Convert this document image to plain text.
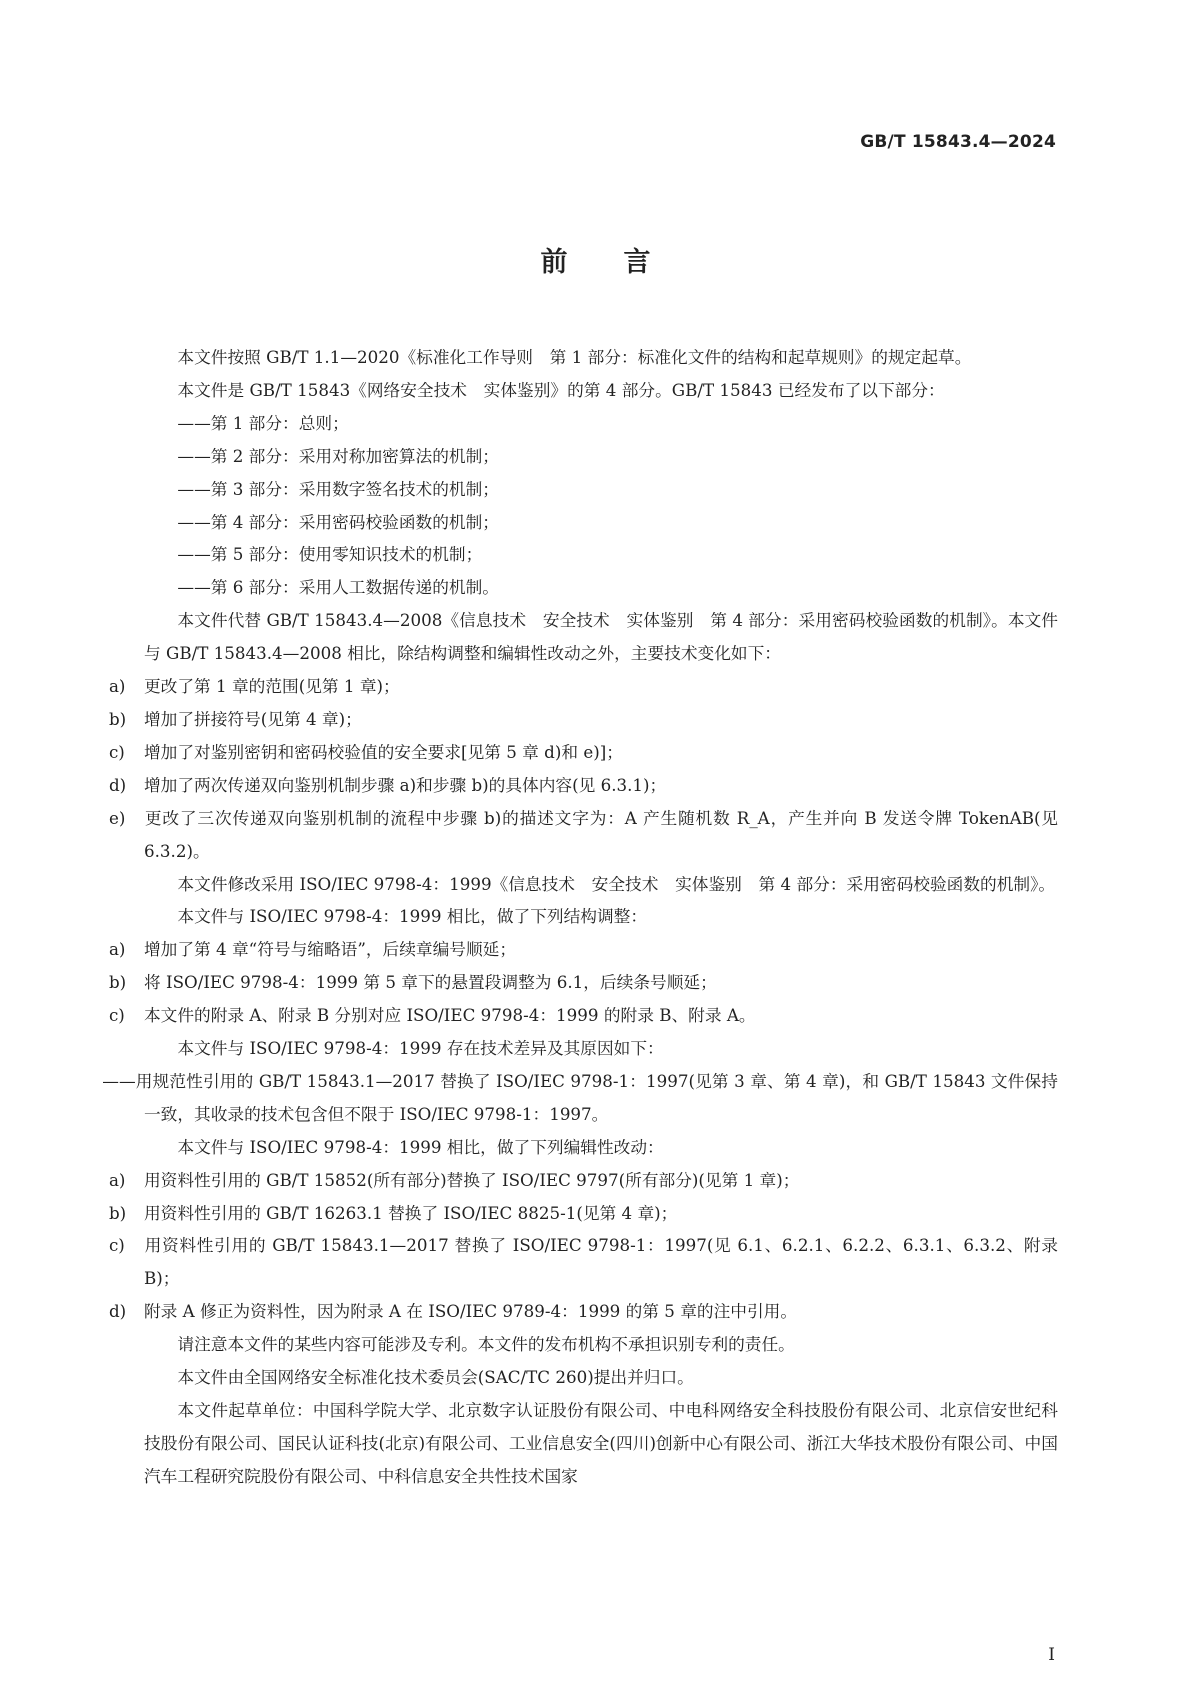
GB/T 15843.4—2024
前言

本文件按照 GB/T 1.1—2020《标准化工作导则　第 1 部分：标准化文件的结构和起草规则》的规定起草。

本文件是 GB/T 15843《网络安全技术　实体鉴别》的第 4 部分。GB/T 15843 已经发布了以下部分：

——第 1 部分：总则；

——第 2 部分：采用对称加密算法的机制；

——第 3 部分：采用数字签名技术的机制；

——第 4 部分：采用密码校验函数的机制；

——第 5 部分：使用零知识技术的机制；

——第 6 部分：采用人工数据传递的机制。

本文件代替 GB/T 15843.4—2008《信息技术　安全技术　实体鉴别　第 4 部分：采用密码校验函数的机制》。本文件与 GB/T 15843.4—2008 相比，除结构调整和编辑性改动之外，主要技术变化如下：

a) 更改了第 1 章的范围(见第 1 章)；

b) 增加了拼接符号(见第 4 章)；

c) 增加了对鉴别密钥和密码校验值的安全要求[见第 5 章 d)和 e)]；

d) 增加了两次传递双向鉴别机制步骤 a)和步骤 b)的具体内容(见 6.3.1)；

e) 更改了三次传递双向鉴别机制的流程中步骤 b)的描述文字为：A 产生随机数 R_A，产生并向 B 发送令牌 TokenAB(见 6.3.2)。

本文件修改采用 ISO/IEC 9798-4：1999《信息技术　安全技术　实体鉴别　第 4 部分：采用密码校验函数的机制》。

本文件与 ISO/IEC 9798-4：1999 相比，做了下列结构调整：

a) 增加了第 4 章“符号与缩略语”，后续章编号顺延；

b) 将 ISO/IEC 9798-4：1999 第 5 章下的悬置段调整为 6.1，后续条号顺延；

c) 本文件的附录 A、附录 B 分别对应 ISO/IEC 9798-4：1999 的附录 B、附录 A。

本文件与 ISO/IEC 9798-4：1999 存在技术差异及其原因如下：

——用规范性引用的 GB/T 15843.1—2017 替换了 ISO/IEC 9798-1：1997(见第 3 章、第 4 章)，和 GB/T 15843 文件保持一致，其收录的技术包含但不限于 ISO/IEC 9798-1：1997。

本文件与 ISO/IEC 9798-4：1999 相比，做了下列编辑性改动：

a) 用资料性引用的 GB/T 15852(所有部分)替换了 ISO/IEC 9797(所有部分)(见第 1 章)；

b) 用资料性引用的 GB/T 16263.1 替换了 ISO/IEC 8825-1(见第 4 章)；

c) 用资料性引用的 GB/T 15843.1—2017 替换了 ISO/IEC 9798-1：1997(见 6.1、6.2.1、6.2.2、6.3.1、6.3.2、附录 B)；

d) 附录 A 修正为资料性，因为附录 A 在 ISO/IEC 9789-4：1999 的第 5 章的注中引用。

请注意本文件的某些内容可能涉及专利。本文件的发布机构不承担识别专利的责任。

本文件由全国网络安全标准化技术委员会(SAC/TC 260)提出并归口。

本文件起草单位：中国科学院大学、北京数字认证股份有限公司、中电科网络安全科技股份有限公司、北京信安世纪科技股份有限公司、国民认证科技(北京)有限公司、工业信息安全(四川)创新中心有限公司、浙江大华技术股份有限公司、中国汽车工程研究院股份有限公司、中科信息安全共性技术国家

I
